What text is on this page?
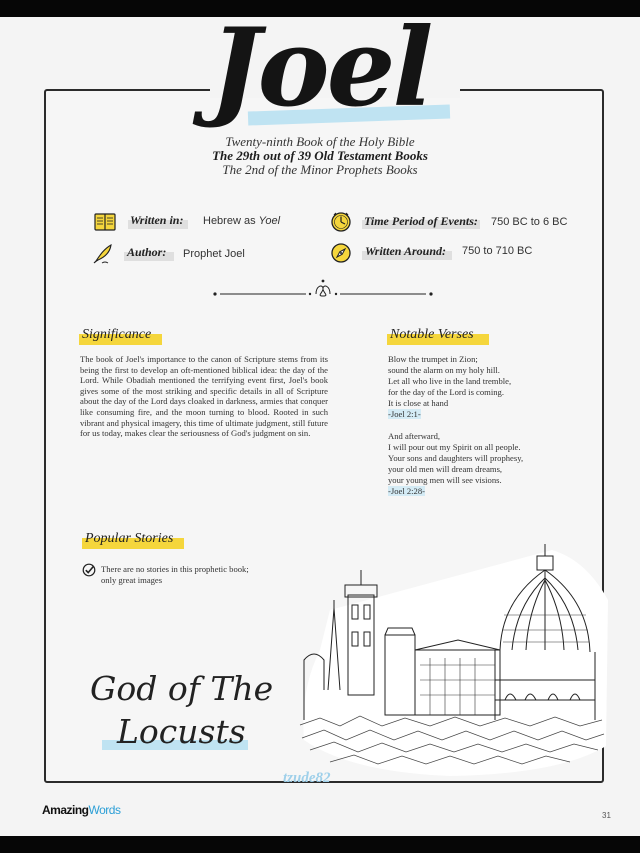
Joel
Twenty-ninth Book of the Holy Bible
The 29th out of 39 Old Testament Books
The 2nd of the Minor Prophets Books
Written in: Hebrew as Yoel
Author: Prophet Joel
Time Period of Events: 750 BC to 6 BC
Written Around: 750 to 710 BC
Significance
The book of Joel's importance to the canon of Scripture stems from its being the first to develop an oft-mentioned biblical idea: the day of the Lord. While Obadiah mentioned the terrifying event first, Joel's book gives some of the most striking and specific details in all of Scripture about the day of the Lord days cloaked in darkness, armies that conquer like consuming fire, and the moon turning to blood. Rooted in such vibrant and physical imagery, this time of ultimate judgment, still future for us today, makes clear the seriousness of God's judgment on sin.
Notable Verses
Blow the trumpet in Zion;
sound the alarm on my holy hill.
Let all who live in the land tremble,
for the day of the Lord is coming.
It is close at hand
-Joel 2:1-
And afterward,
I will pour out my Spirit on all people.
Your sons and daughters will prophesy,
your old men will dream dreams,
your young men will see visions.
-Joel 2:28-
Popular Stories
There are no stories in this prophetic book;
only great images
God of The
Locusts
tzude82
AmazingWords	31
